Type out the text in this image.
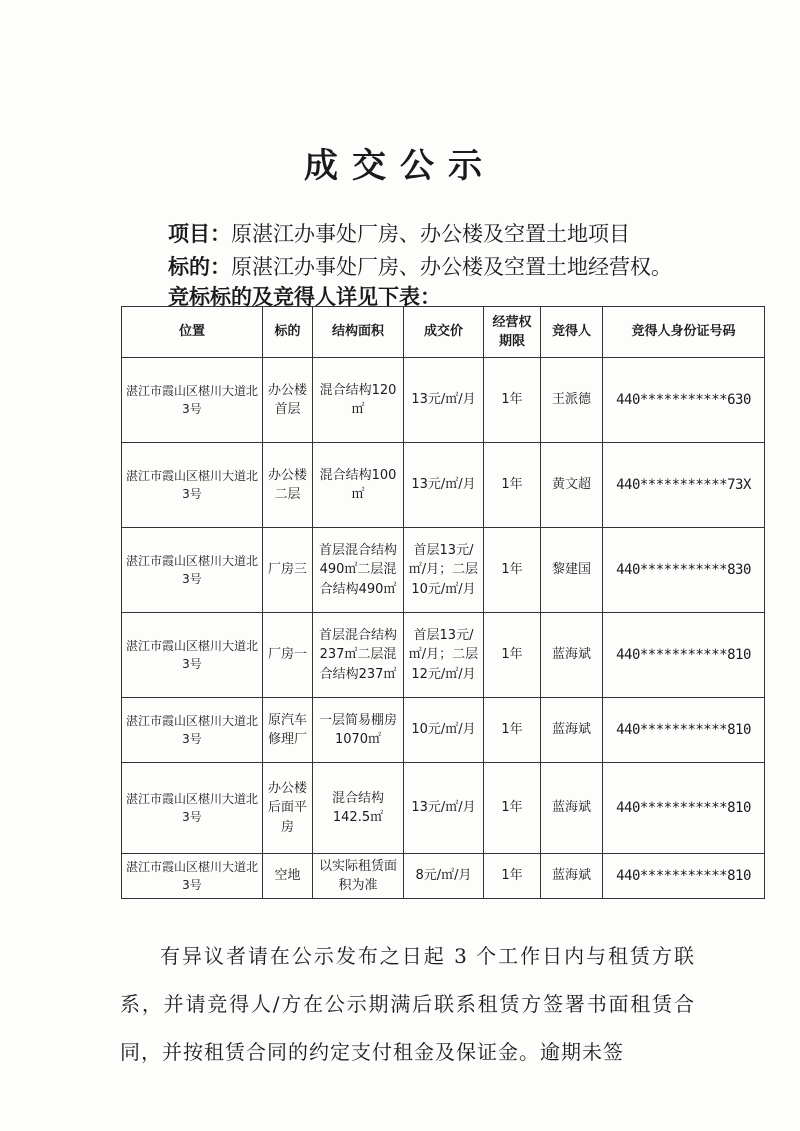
成交公示
项目：原湛江办事处厂房、办公楼及空置土地项目
标的：原湛江办事处厂房、办公楼及空置土地经营权。
竞标标的及竞得人详见下表：
位置	标的	结构面积	成交价	经营权期限	竞得人	竞得人身份证号码
湛江市霞山区椹川大道北3号	办公楼首层	混合结构120㎡	13元/㎡/月	1年	王派德	440***********630
湛江市霞山区椹川大道北3号	办公楼二层	混合结构100㎡	13元/㎡/月	1年	黄文超	440***********73X
湛江市霞山区椹川大道北3号	厂房三	首层混合结构490㎡二层混合结构490㎡	首层13元/㎡/月；二层10元/㎡/月	1年	黎建国	440***********830
湛江市霞山区椹川大道北3号	厂房一	首层混合结构237㎡二层混合结构237㎡	首层13元/㎡/月；二层12元/㎡/月	1年	蓝海斌	440***********810
湛江市霞山区椹川大道北3号	原汽车修理厂	一层简易棚房1070㎡	10元/㎡/月	1年	蓝海斌	440***********810
湛江市霞山区椹川大道北3号	办公楼后面平房	混合结构142.5㎡	13元/㎡/月	1年	蓝海斌	440***********810
湛江市霞山区椹川大道北3号	空地	以实际租赁面积为准	8元/㎡/月	1年	蓝海斌	440***********810
有异议者请在公示发布之日起 3 个工作日内与租赁方联系，并请竞得人/方在公示期满后联系租赁方签署书面租赁合同，并按租赁合同的约定支付租金及保证金。逾期未签
